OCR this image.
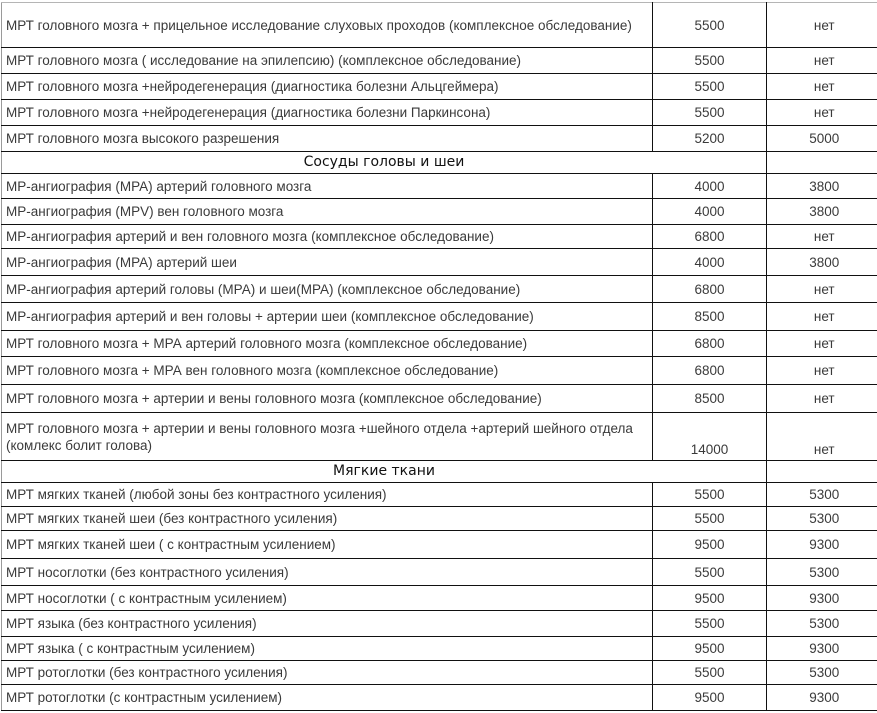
МРТ головного мозга + прицельное исследование слуховых проходов (комплексное обследование)	5500	нет
МРТ головного мозга ( исследование на эпилепсию) (комплексное обследование)	5500	нет
МРТ головного мозга +нейродегенерация (диагностика болезни Альцгеймера)	5500	нет
МРТ головного мозга +нейродегенерация (диагностика болезни Паркинсона)	5500	нет
МРТ головного мозга высокого разрешения	5200	5000
Сосуды головы и шеи		
МР-ангиография (МРА) артерий головного мозга	4000	3800
МР-ангиография (MPV) вен головного мозга	4000	3800
МР-ангиография артерий и вен головного мозга (комплексное обследование)	6800	нет
МР-ангиография (МРА) артерий шеи	4000	3800
МР-ангиография артерий головы (МРА) и шеи(МРА) (комплексное обследование)	6800	нет
МР-ангиография артерий и вен головы + артерии шеи (комплексное обследование)	8500	нет
МРТ головного мозга + МРА артерий головного мозга (комплексное обследование)	6800	нет
МРТ головного мозга + МРА вен головного мозга (комплексное обследование)	6800	нет
МРТ головного мозга + артерии и вены головного мозга (комплексное обследование)	8500	нет
МРТ головного мозга + артерии и вены головного мозга +шейного отдела +артерий шейного отдела (комлекс болит голова)	14000	нет
Мягкие ткани		
МРТ мягких тканей (любой зоны без контрастного усиления)	5500	5300
МРТ мягких тканей шеи (без контрастного усиления)	5500	5300
МРТ мягких тканей шеи ( с контрастным усилением)	9500	9300
МРТ носоглотки (без контрастного усиления)	5500	5300
МРТ носоглотки ( с контрастным усилением)	9500	9300
МРТ языка (без контрастного усиления)	5500	5300
МРТ языка ( с контрастным усилением)	9500	9300
МРТ ротоглотки (без контрастного усиления)	5500	5300
МРТ ротоглотки (с контрастным усилением)	9500	9300
